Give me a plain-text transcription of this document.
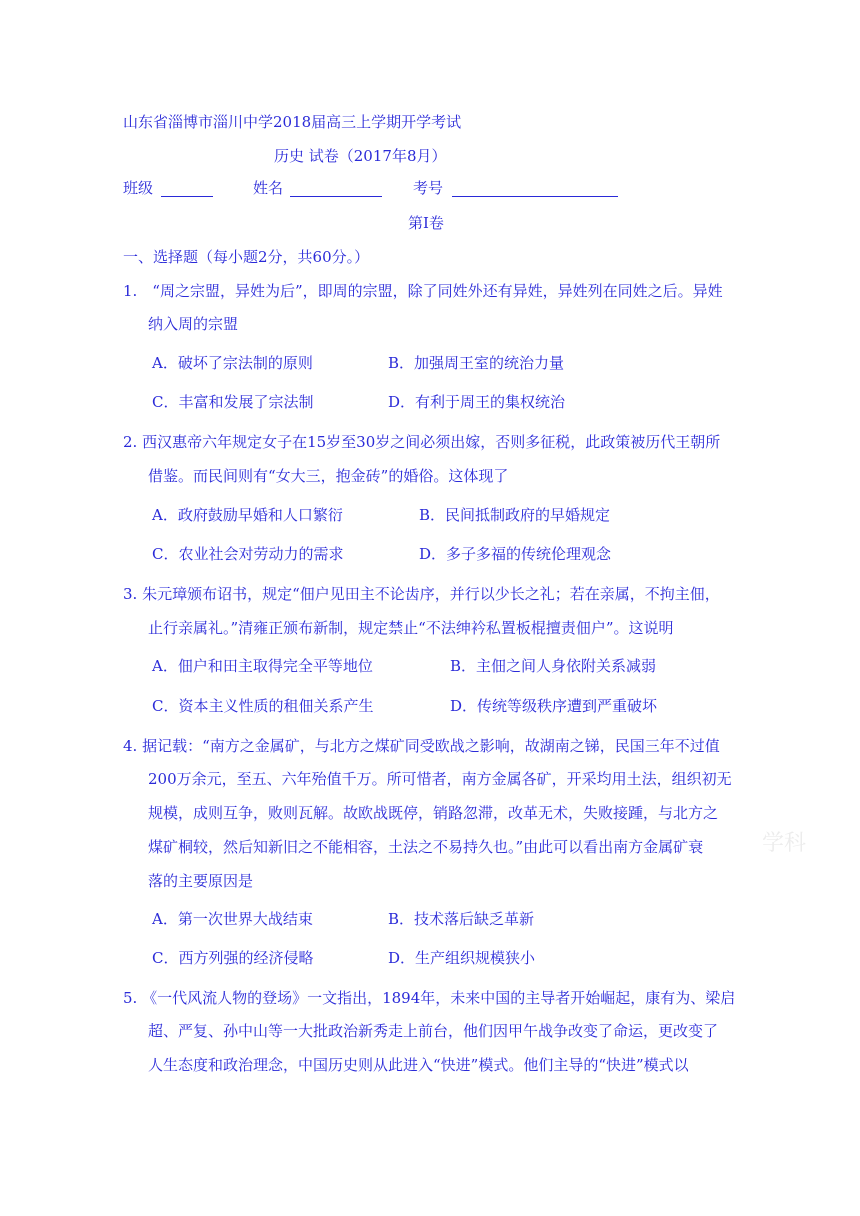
山东省淄博市淄川中学2018届高三上学期开学考试
历史 试卷（2017年8月）
班级	姓名	考号
第Ⅰ卷
一、选择题（每小题2分，共60分。）
1.　“周之宗盟，异姓为后”，即周的宗盟，除了同姓外还有异姓，异姓列在同姓之后。异姓
纳入周的宗盟
A．破坏了宗法制的原则	B．加强周王室的统治力量
C．丰富和发展了宗法制	D．有利于周王的集权统治
2. 西汉惠帝六年规定女子在15岁至30岁之间必须出嫁，否则多征税，此政策被历代王朝所
借鉴。而民间则有“女大三，抱金砖”的婚俗。这体现了
A．政府鼓励早婚和人口繁衍	B．民间抵制政府的早婚规定
C．农业社会对劳动力的需求	D．多子多福的传统伦理观念
3. 朱元璋颁布诏书，规定“佃户见田主不论齿序，并行以少长之礼；若在亲属，不拘主佃，
止行亲属礼。”清雍正颁布新制，规定禁止“不法绅衿私置板棍擅责佃户”。这说明
A．佃户和田主取得完全平等地位	B．主佃之间人身依附关系减弱
C．资本主义性质的租佃关系产生	D．传统等级秩序遭到严重破坏
4. 据记载：“南方之金属矿，与北方之煤矿同受欧战之影响，故湖南之锑，民国三年不过值
200万余元，至五、六年殆值千万。所可惜者，南方金属各矿，开采均用土法，组织初无
规模，成则互争，败则瓦解。故欧战既停，销路忽滞，改革无术，失败接踵，与北方之
煤矿桐较，然后知新旧之不能相容，土法之不易持久也。”由此可以看出南方金属矿衰
落的主要原因是
A．第一次世界大战结束	B．技术落后缺乏革新
C．西方列强的经济侵略	D．生产组织规模狭小
5. 《一代风流人物的登场》一文指出，1894年，未来中国的主导者开始崛起，康有为、梁启
超、严复、孙中山等一大批政治新秀走上前台，他们因甲午战争改变了命运，更改变了
人生态度和政治理念，中国历史则从此进入“快进”模式。他们主导的“快进”模式以
学科
